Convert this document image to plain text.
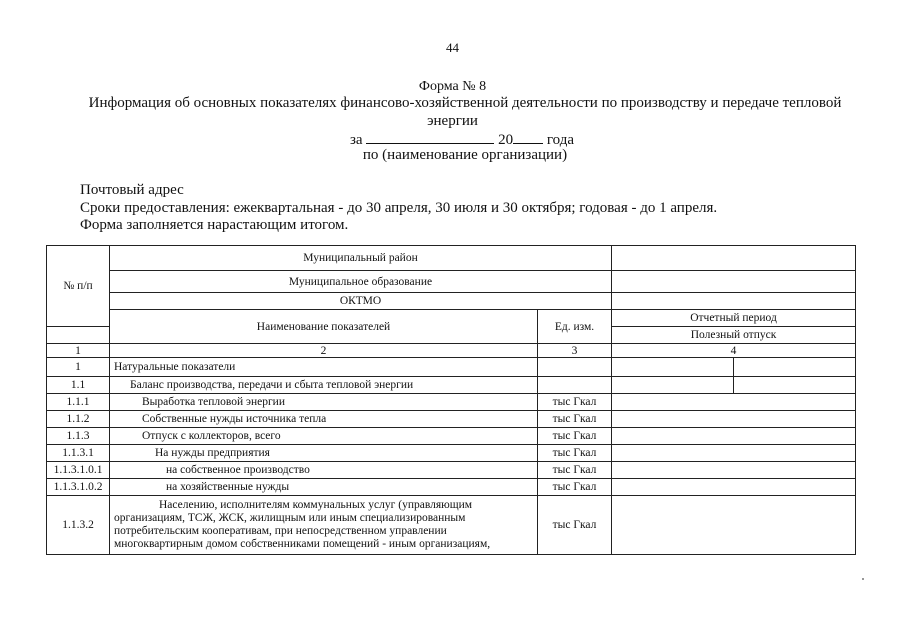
44
Форма № 8
Информация об основных показателях финансово-хозяйственной деятельности по производству и передаче тепловой
энергии
за	20 года
по (наименование организации)
Почтовый адрес
Сроки предоставления: ежеквартальная - до 30 апреля, 30 июля и 30 октября; годовая - до 1 апреля.
Форма заполняется нарастающим итогом.
№ п/п	Муниципальный район			
	Муниципальное образование			
	ОКТМО			
	Наименование показателей	Ед. изм.	Отчетный период	
			Полезный отпуск	
1	2	3	4	
1	Натуральные показатели			
1.1	Баланс производства, передачи и сбыта тепловой энергии			
1.1.1	Выработка тепловой энергии	тыс Гкал		
1.1.2	Собственные нужды источника тепла	тыс Гкал		
1.1.3	Отпуск с коллекторов, всего	тыс Гкал		
1.1.3.1	На нужды предприятия	тыс Гкал		
1.1.3.1.0.1	на собственное производство	тыс Гкал		
1.1.3.1.0.2	на хозяйственные нужды	тыс Гкал		
1.1.3.2	Населению, исполнителям коммунальных услуг (управляющим
организациям, ТСЖ, ЖСК, жилищным или иным специализированным
потребительским кооперативам, при непосредственном управлении
многоквартирным домом собственниками помещений - иным организациям,	тыс Гкал		
